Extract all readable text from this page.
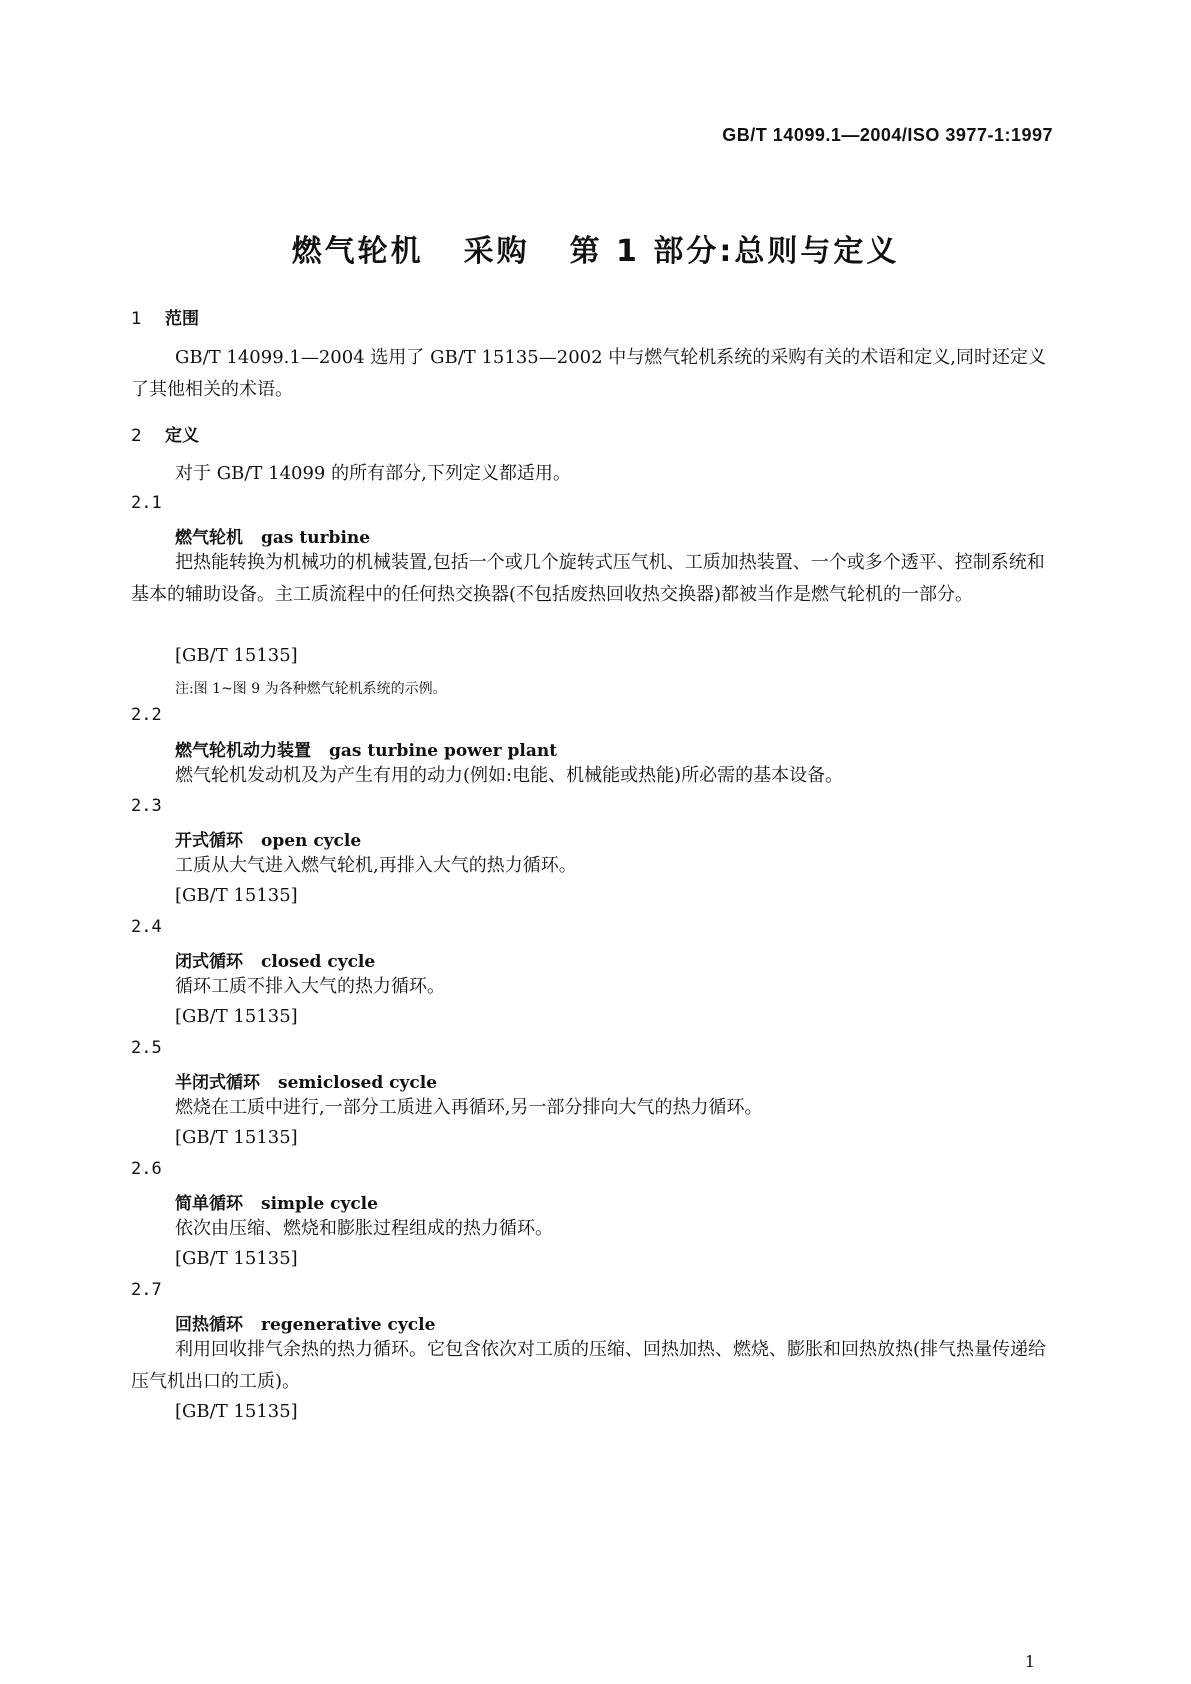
GB/T 14099.1—2004/ISO 3977-1:1997
燃气轮机 采购 第 1 部分:总则与定义
1 范围
GB/T 14099.1—2004 选用了 GB/T 15135—2002 中与燃气轮机系统的采购有关的术语和定义,同时还定义了其他相关的术语。
2 定义
对于 GB/T 14099 的所有部分,下列定义都适用。
2.1
燃气轮机 gas turbine
把热能转换为机械功的机械装置,包括一个或几个旋转式压气机、工质加热装置、一个或多个透平、控制系统和基本的辅助设备。主工质流程中的任何热交换器(不包括废热回收热交换器)都被当作是燃气轮机的一部分。
[GB/T 15135]
注:图 1~图 9 为各种燃气轮机系统的示例。
2.2
燃气轮机动力装置 gas turbine power plant
燃气轮机发动机及为产生有用的动力(例如:电能、机械能或热能)所必需的基本设备。
2.3
开式循环 open cycle
工质从大气进入燃气轮机,再排入大气的热力循环。
[GB/T 15135]
2.4
闭式循环 closed cycle
循环工质不排入大气的热力循环。
[GB/T 15135]
2.5
半闭式循环 semiclosed cycle
燃烧在工质中进行,一部分工质进入再循环,另一部分排向大气的热力循环。
[GB/T 15135]
2.6
简单循环 simple cycle
依次由压缩、燃烧和膨胀过程组成的热力循环。
[GB/T 15135]
2.7
回热循环 regenerative cycle
利用回收排气余热的热力循环。它包含依次对工质的压缩、回热加热、燃烧、膨胀和回热放热(排气热量传递给压气机出口的工质)。
[GB/T 15135]
1
